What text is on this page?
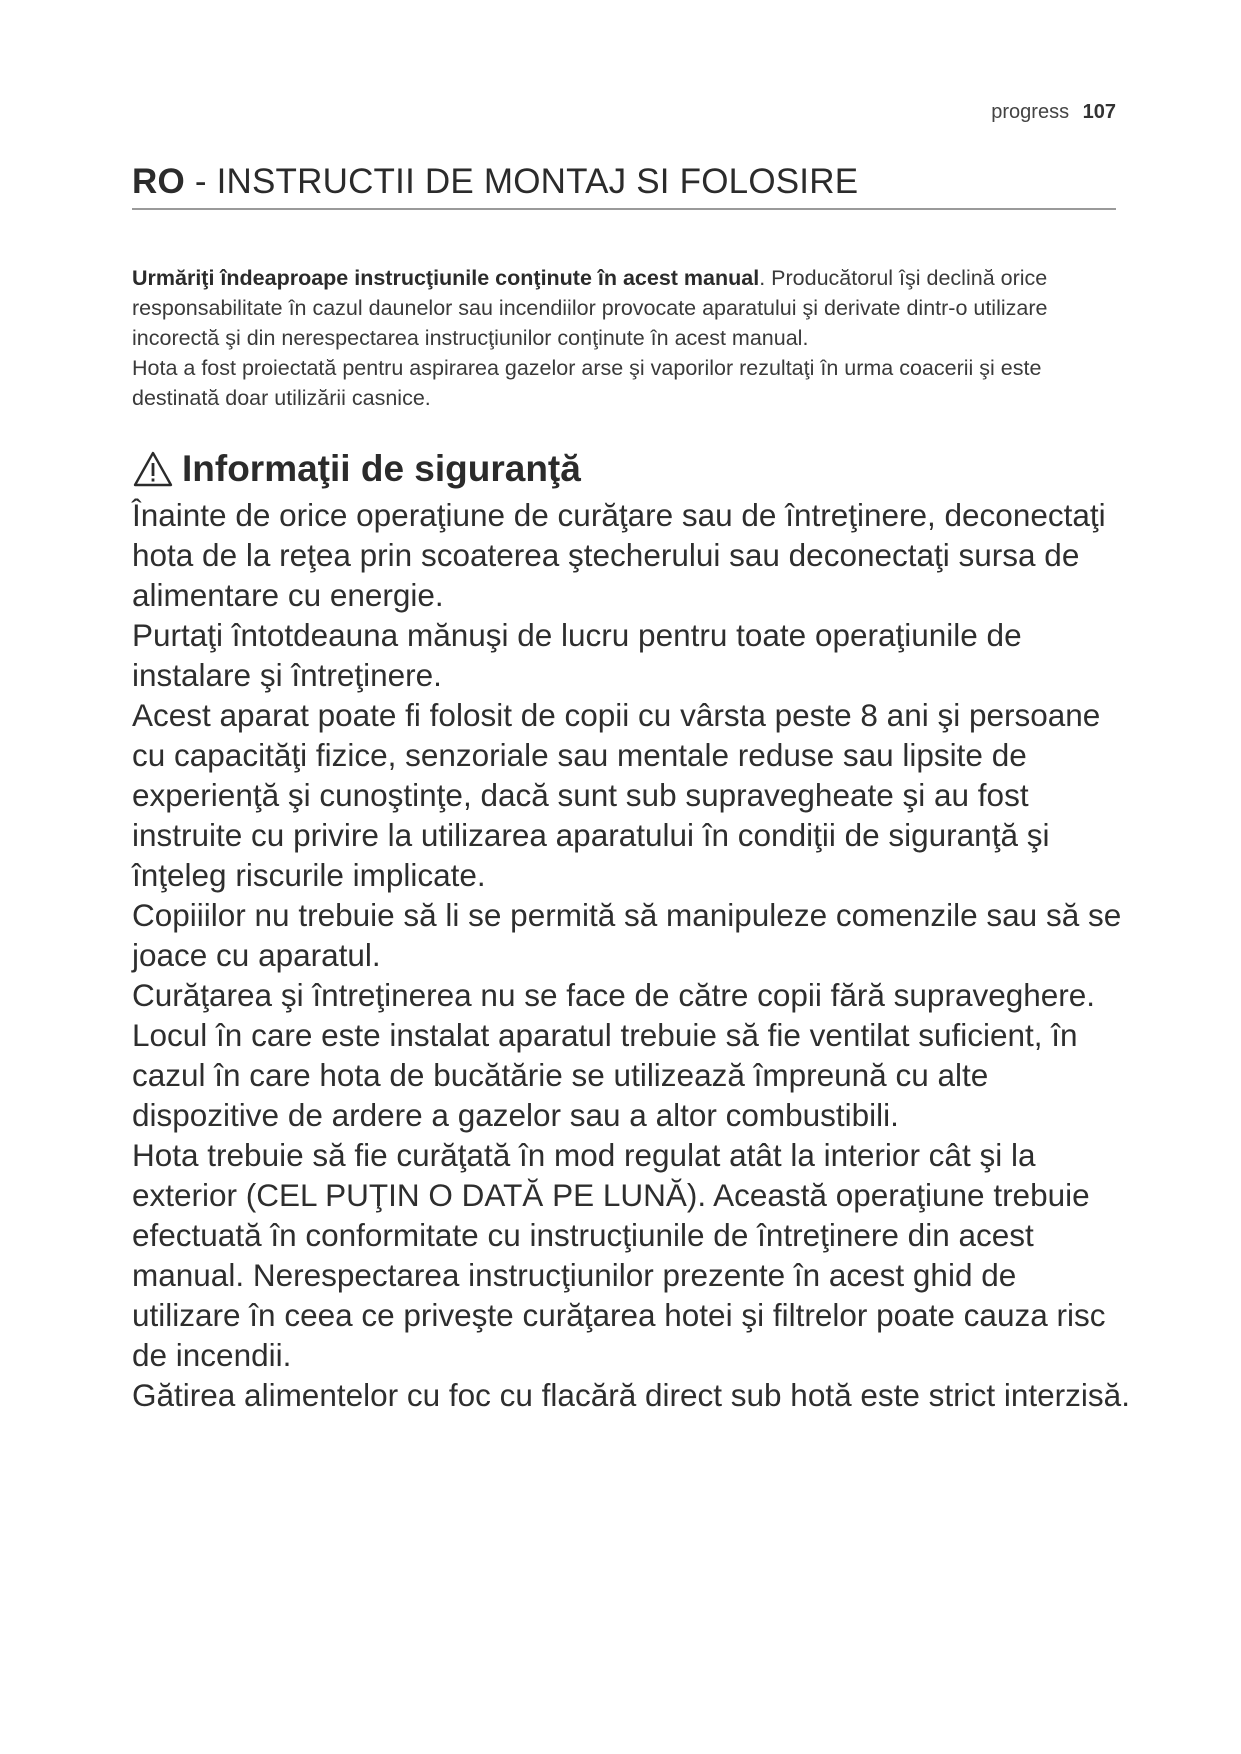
progress 107
RO - INSTRUCTII DE MONTAJ SI FOLOSIRE

Urmăriţi îndeaproape instrucţiunile conţinute în acest manual. Producătorul îşi declină orice responsabilitate în cazul daunelor sau incendiilor provocate aparatului şi derivate dintr-o utilizare incorectă şi din nerespectarea instrucţiunilor conţinute în acest manual.

Hota a fost proiectată pentru aspirarea gazelor arse şi vaporilor rezultaţi în urma coacerii şi este destinată doar utilizării casnice.

Informaţii de siguranţă

Înainte de orice operaţiune de curăţare sau de întreţinere, deconectaţi hota de la reţea prin scoaterea ştecherului sau deconectaţi sursa de alimentare cu energie.

Purtaţi întotdeauna mănuşi de lucru pentru toate operaţiunile de instalare şi întreţinere.

Acest aparat poate fi folosit de copii cu vârsta peste 8 ani şi persoane cu capacităţi fizice, senzoriale sau mentale reduse sau lipsite de experienţă şi cunoştinţe, dacă sunt sub supravegheate şi au fost instruite cu privire la utilizarea aparatului în condiţii de siguranţă şi înţeleg riscurile implicate.

Copiiilor nu trebuie să li se permită să manipuleze comenzile sau să se joace cu aparatul.

Curăţarea şi întreţinerea nu se face de către copii fără supraveghere.

Locul în care este instalat aparatul trebuie să fie ventilat suficient, în cazul în care hota de bucătărie se utilizează împreună cu alte dispozitive de ardere a gazelor sau a altor combustibili.

Hota trebuie să fie curăţată în mod regulat atât la interior cât şi la exterior (CEL PUŢIN O DATĂ PE LUNĂ). Această operaţiune trebuie efectuată în conformitate cu instrucţiunile de întreţinere din acest manual. Nerespectarea instrucţiunilor prezente în acest ghid de utilizare în ceea ce priveşte curăţarea hotei şi filtrelor poate cauza risc de incendii.

Gătirea alimentelor cu foc cu flacără direct sub hotă este strict interzisă.
